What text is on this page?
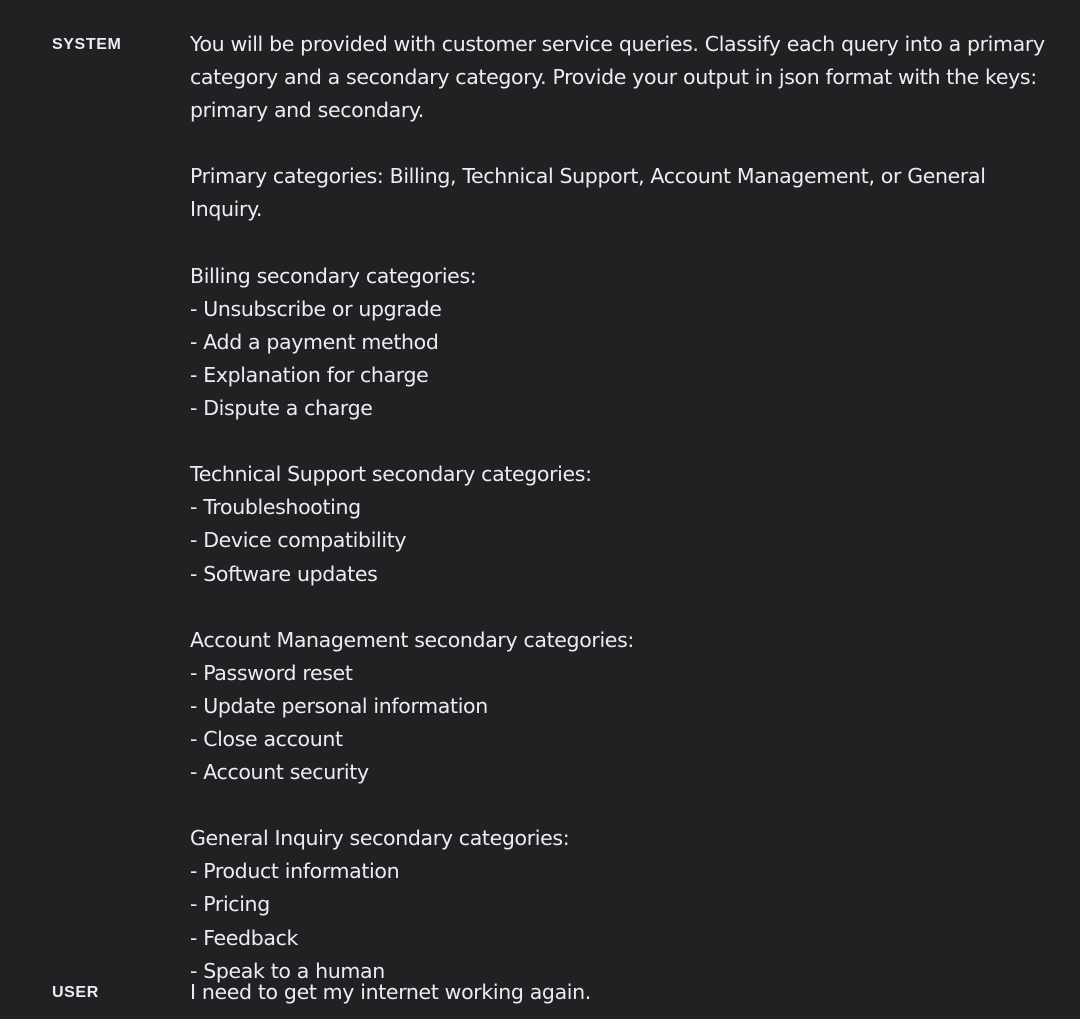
SYSTEM	You will be provided with customer service queries. Classify each query into a primary
category and a secondary category. Provide your output in json format with the keys:
primary and secondary.

Primary categories: Billing, Technical Support, Account Management, or General Inquiry.

Billing secondary categories:
- Unsubscribe or upgrade
- Add a payment method
- Explanation for charge
- Dispute a charge

Technical Support secondary categories:
- Troubleshooting
- Device compatibility
- Software updates

Account Management secondary categories:
- Password reset
- Update personal information
- Close account
- Account security

General Inquiry secondary categories:
- Product information
- Pricing
- Feedback
- Speak to a human
USER	I need to get my internet working again.
